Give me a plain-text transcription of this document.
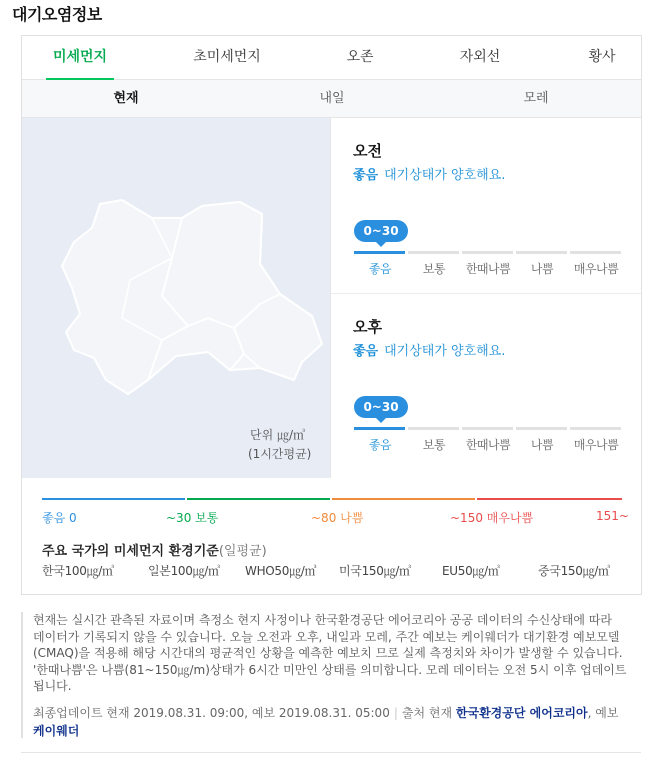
대기오염정보
미세먼지	초미세먼지	오존	자외선	황사
현재	내일	모레
단위 ㎍/㎥
(1시간평균)
오전
좋음 대기상태가 양호해요.
0~30
좋음	보통	한때나쁨	나쁨	매우나쁨
오후
좋음 대기상태가 양호해요.
0~30
좋음	보통	한때나쁨	나쁨	매우나쁨
좋음 0	~30 보통	~80 나쁨	~150 매우나쁨	151~
주요 국가의 미세먼지 환경기준(일평균)
한국100㎍/㎥	일본100㎍/㎥ WHO50㎍/㎥ 미국150㎍/㎥	EU50㎍/㎥	중국150㎍/㎥
현재는 실시간 관측된 자료이며 측정소 현지 사정이나 한국환경공단 에어코리아 공공 데이터의 수신상태에 따라 데이터가 기록되지 않을 수 있습니다. 오늘 오전과 오후, 내일과 모레, 주간 예보는 케이웨더가 대기환경 예보모델(CMAQ)을 적용해 해당 시간대의 평균적인 상황을 예측한 예보치 므로 실제 측정치와 차이가 발생할 수 있습니다. '한때나쁨'은 나쁨(81~150㎍/m)상태가 6시간 미만인 상태를 의미합니다. 모레 데이터는 오전 5시 이후 업데이트 됩니다.
최종업데이트 현재 2019.08.31. 09:00, 예보 2019.08.31. 05:00 | 출처 현재 한국환경공단 에어코리아, 예보 케이웨더
